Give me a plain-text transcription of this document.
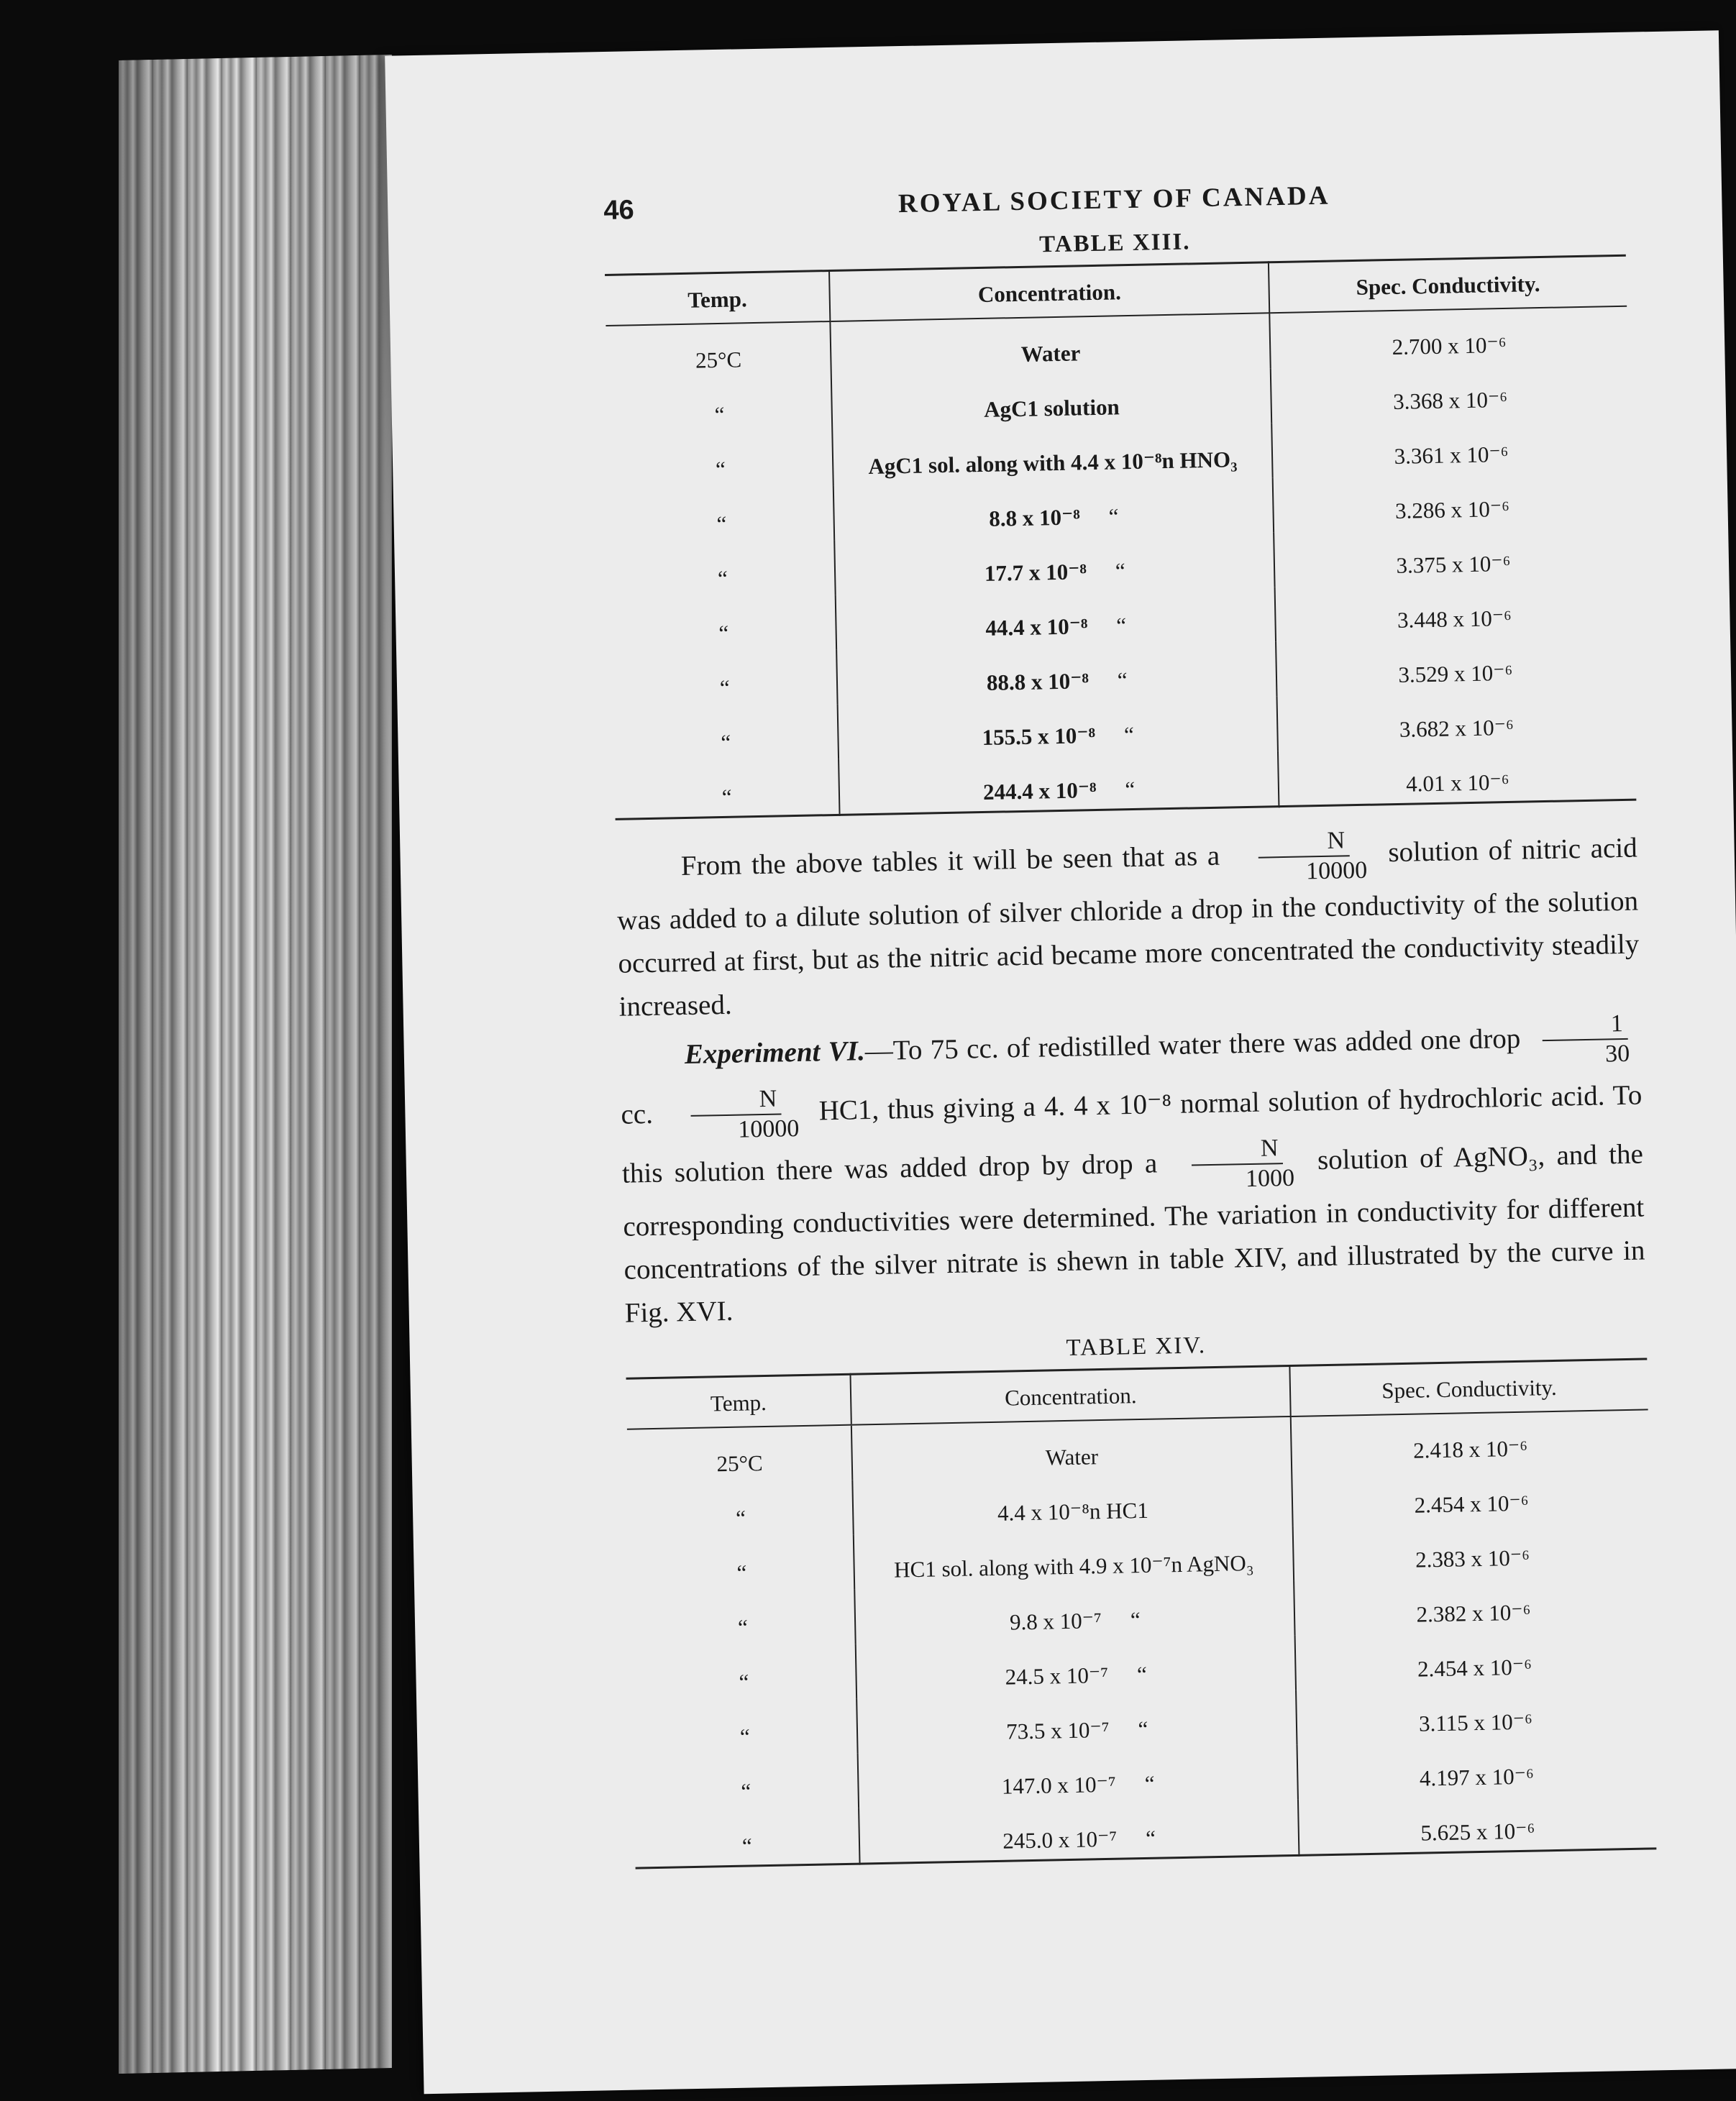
46	ROYAL SOCIETY OF CANADA
TABLE XIII.
Temp.	Concentration.	Spec. Conductivity.
25°C	Water	2.700 x 10⁻⁶
“	AgC1 solution	3.368 x 10⁻⁶
“	AgC1 sol. along with 4.4 x 10⁻⁸n HNO₃	3.361 x 10⁻⁶
“	8.8 x 10⁻⁸ “	3.286 x 10⁻⁶
“	17.7 x 10⁻⁸ “	3.375 x 10⁻⁶
“	44.4 x 10⁻⁸ “	3.448 x 10⁻⁶
“	88.8 x 10⁻⁸ “	3.529 x 10⁻⁶
“	155.5 x 10⁻⁸ “	3.682 x 10⁻⁶
“	244.4 x 10⁻⁸ “	4.01 x 10⁻⁶

From the above tables it will be seen that as a $\frac{N}{10000}$ solution of nitric acid was added to a dilute solution of silver chloride a drop in the conductivity of the solution occurred at first, but as the nitric acid became more concentrated the conductivity steadily increased.

Experiment VI.—To 75 cc. of redistilled water there was added one drop $\frac{1}{30}$
cc. $\frac{N}{10000} HC1$, thus giving a 4. 4 x 10⁻⁸ normal solution of hydrochloric acid. To this solution there was added drop by drop a $\frac{N}{1000}$ solution of AgNO₃, and the corresponding conductivities were determined. The variation in conductivity for different concentrations of the silver nitrate is shewn in table XIV, and illustrated by the curve in Fig. XVI.

TABLE XIV.
Temp.	Concentration.	Spec. Conductivity.
25°C	Water	2.418 x 10⁻⁶
“	4.4 x 10⁻⁸n HC1	2.454 x 10⁻⁶
“	HC1 sol. along with 4.9 x 10⁻⁷n AgNO₃	2.383 x 10⁻⁶
“	9.8 x 10⁻⁷ “	2.382 x 10⁻⁶
“	24.5 x 10⁻⁷ “	2.454 x 10⁻⁶
“	73.5 x 10⁻⁷ “	3.115 x 10⁻⁶
“	147.0 x 10⁻⁷ “	4.197 x 10⁻⁶
“	245.0 x 10⁻⁷ “	5.625 x 10⁻⁶
